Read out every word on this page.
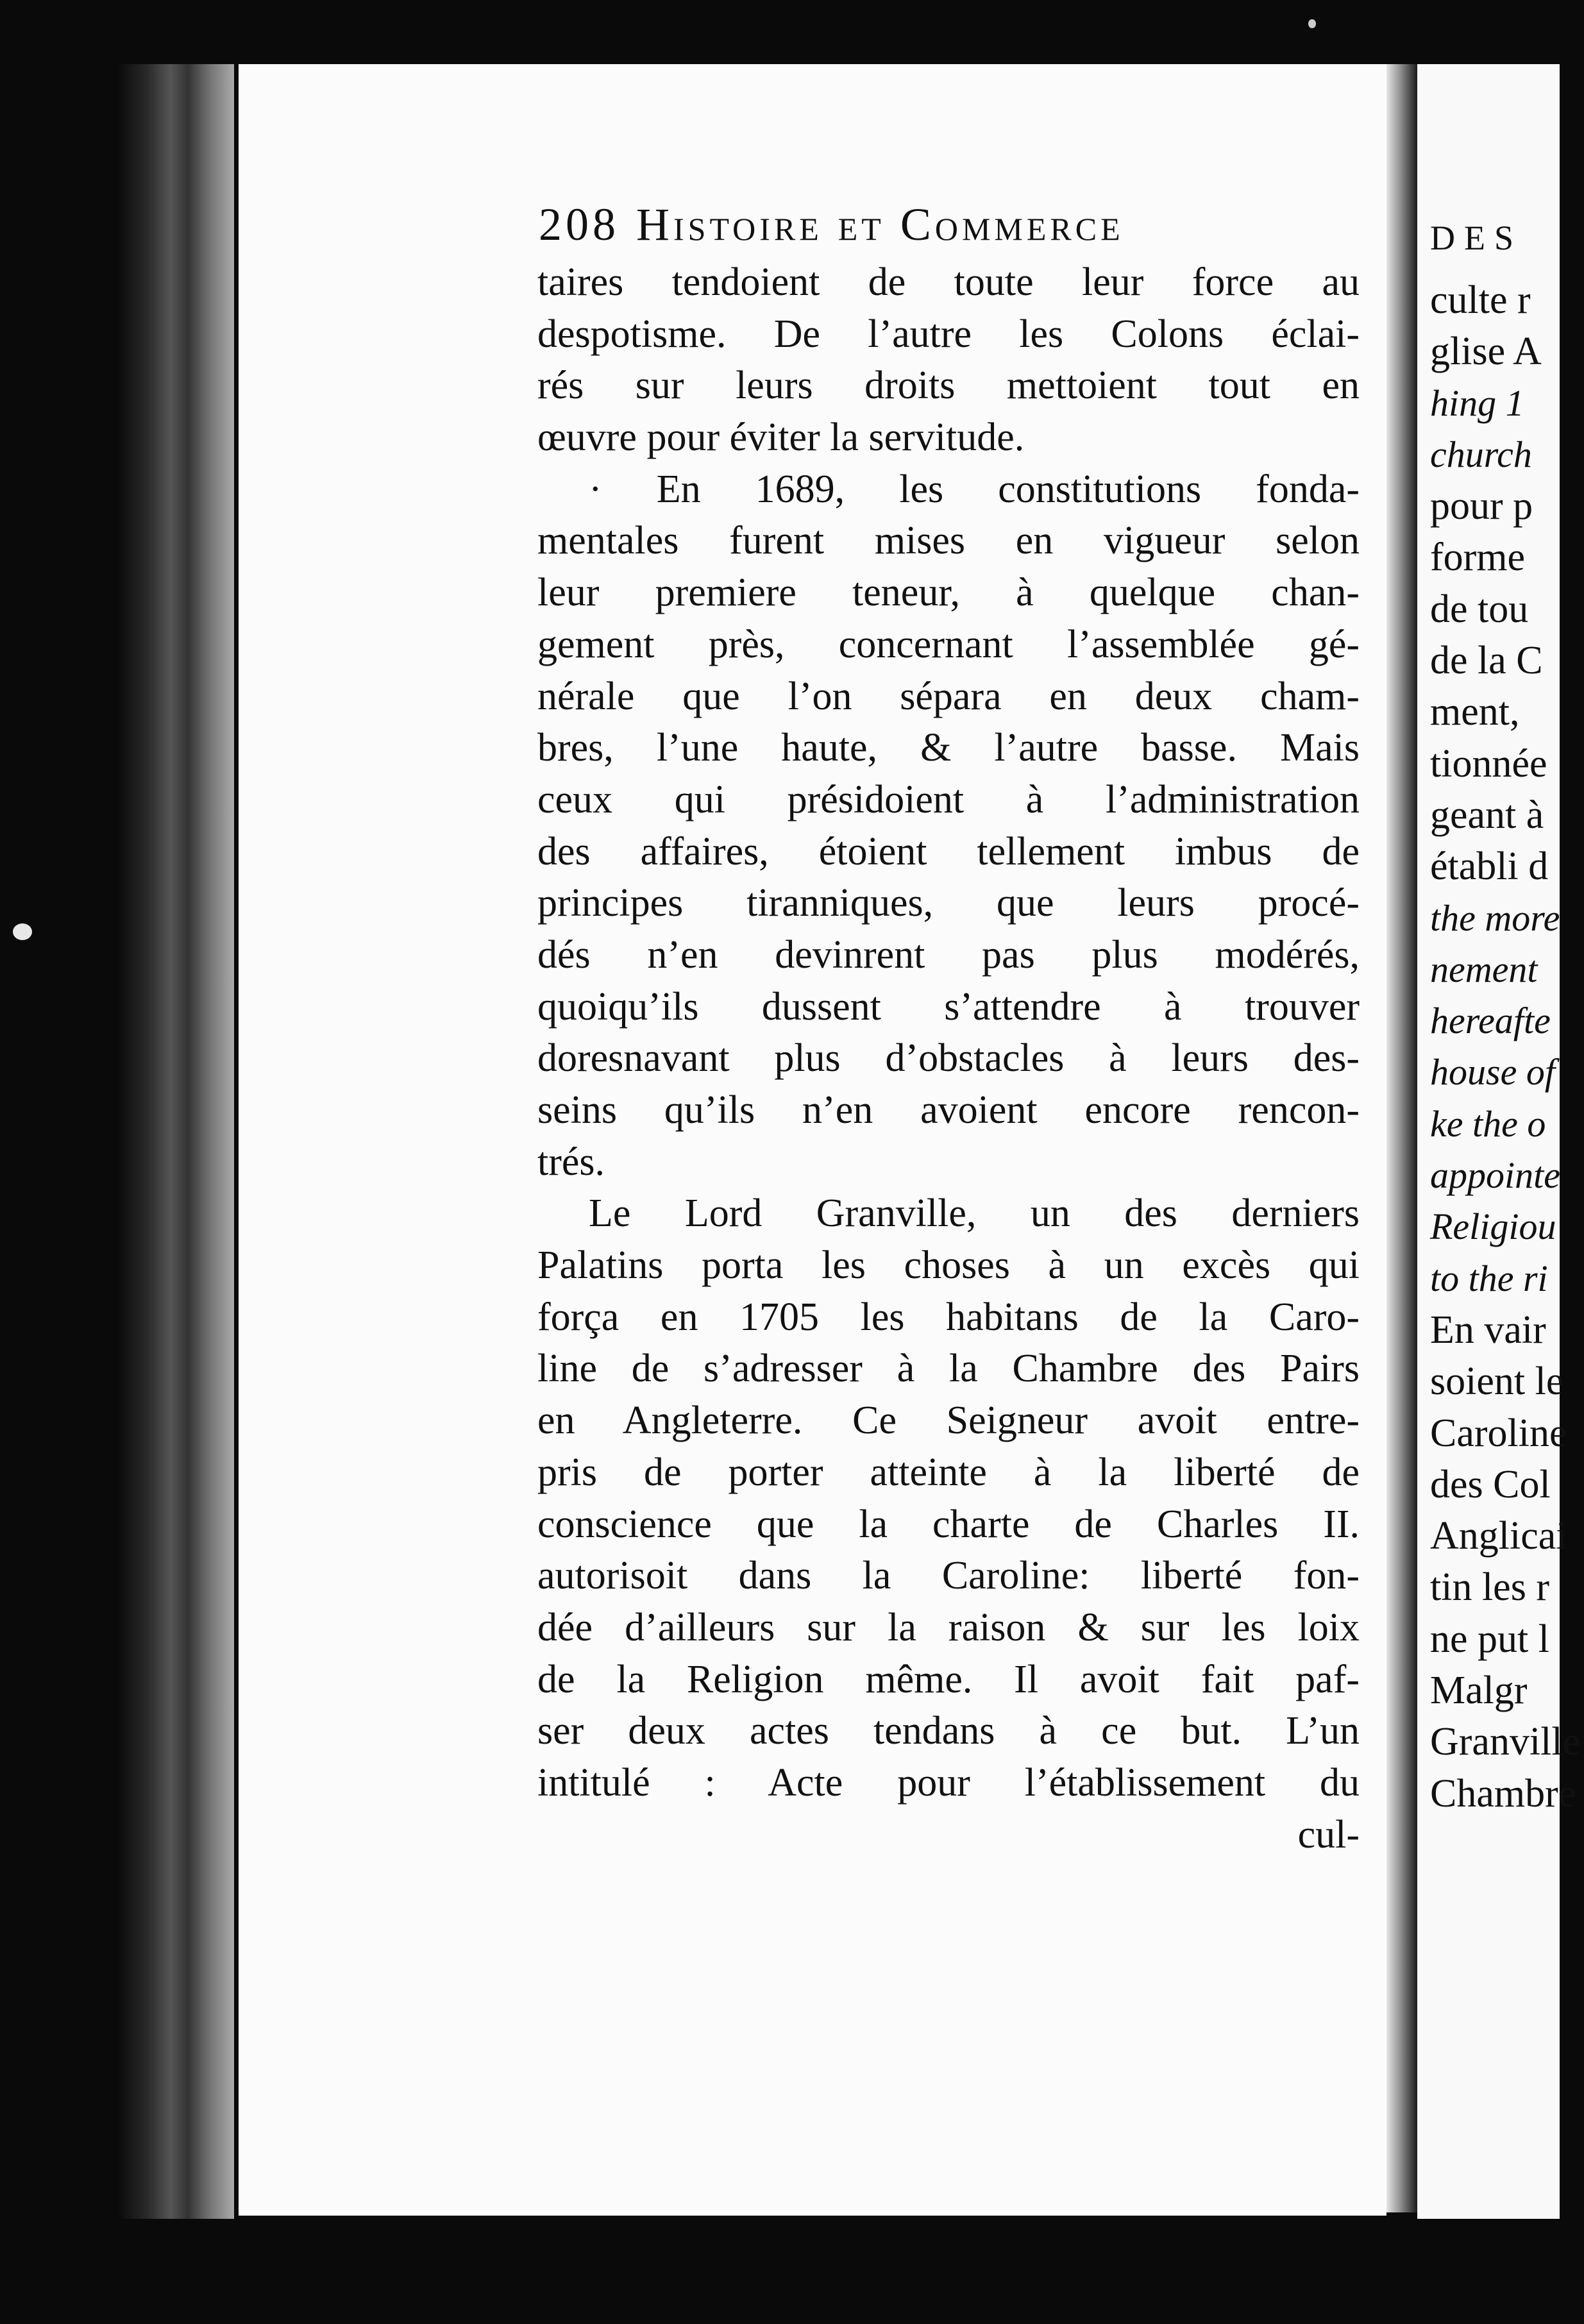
208 Histoire et Commerce
taires tendoient de toute leur force au
despotisme. De l’autre les Colons éclai-
rés sur leurs droits mettoient tout en
œuvre pour éviter la servitude.
· En 1689, les constitutions fonda-
mentales furent mises en vigueur selon
leur premiere teneur, à quelque chan-
gement près, concernant l’assemblée gé-
nérale que l’on sépara en deux cham-
bres, l’une haute, & l’autre basse. Mais
ceux qui présidoient à l’administration
des affaires, étoient tellement imbus de
principes tiranniques, que leurs procé-
dés n’en devinrent pas plus modérés,
quoiqu’ils dussent s’attendre à trouver
doresnavant plus d’obstacles à leurs des-
seins qu’ils n’en avoient encore rencon-
trés.
Le Lord Granville, un des derniers
Palatins porta les choses à un excès qui
força en 1705 les habitans de la Caro-
line de s’adresser à la Chambre des Pairs
en Angleterre. Ce Seigneur avoit entre-
pris de porter atteinte à la liberté de
conscience que la charte de Charles II.
autorisoit dans la Caroline: liberté fon-
dée d’ailleurs sur la raison & sur les loix
de la Religion même. Il avoit fait paf-
ser deux actes tendans à ce but. L’un
intitulé : Acte pour l’établissement du
cul-
DES
culte r
glise A
hing 1
church
pour p
forme
de tou
de la C
ment,
tionnée
geant à
établi d
the more
nement
hereafte
house of
ke the o
appointe
Religiou
to the ri
En vair
soient le
Caroline
des Col
Anglicai
tin les r
ne put l
Malgr
Granville
Chambre
